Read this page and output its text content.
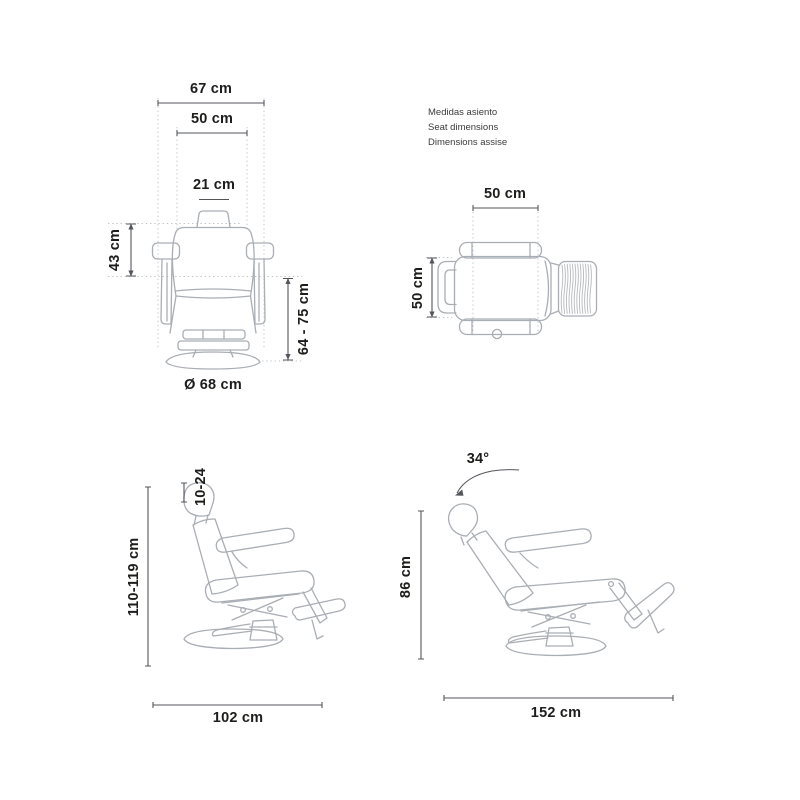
67 cm
50 cm
21 cm
43 cm
64 - 75 cm
Ø 68 cm
Medidas asiento
Seat dimensions
Dimensions assise
50 cm
50 cm
10-24
110-119 cm
102 cm
34°
86 cm
152 cm
